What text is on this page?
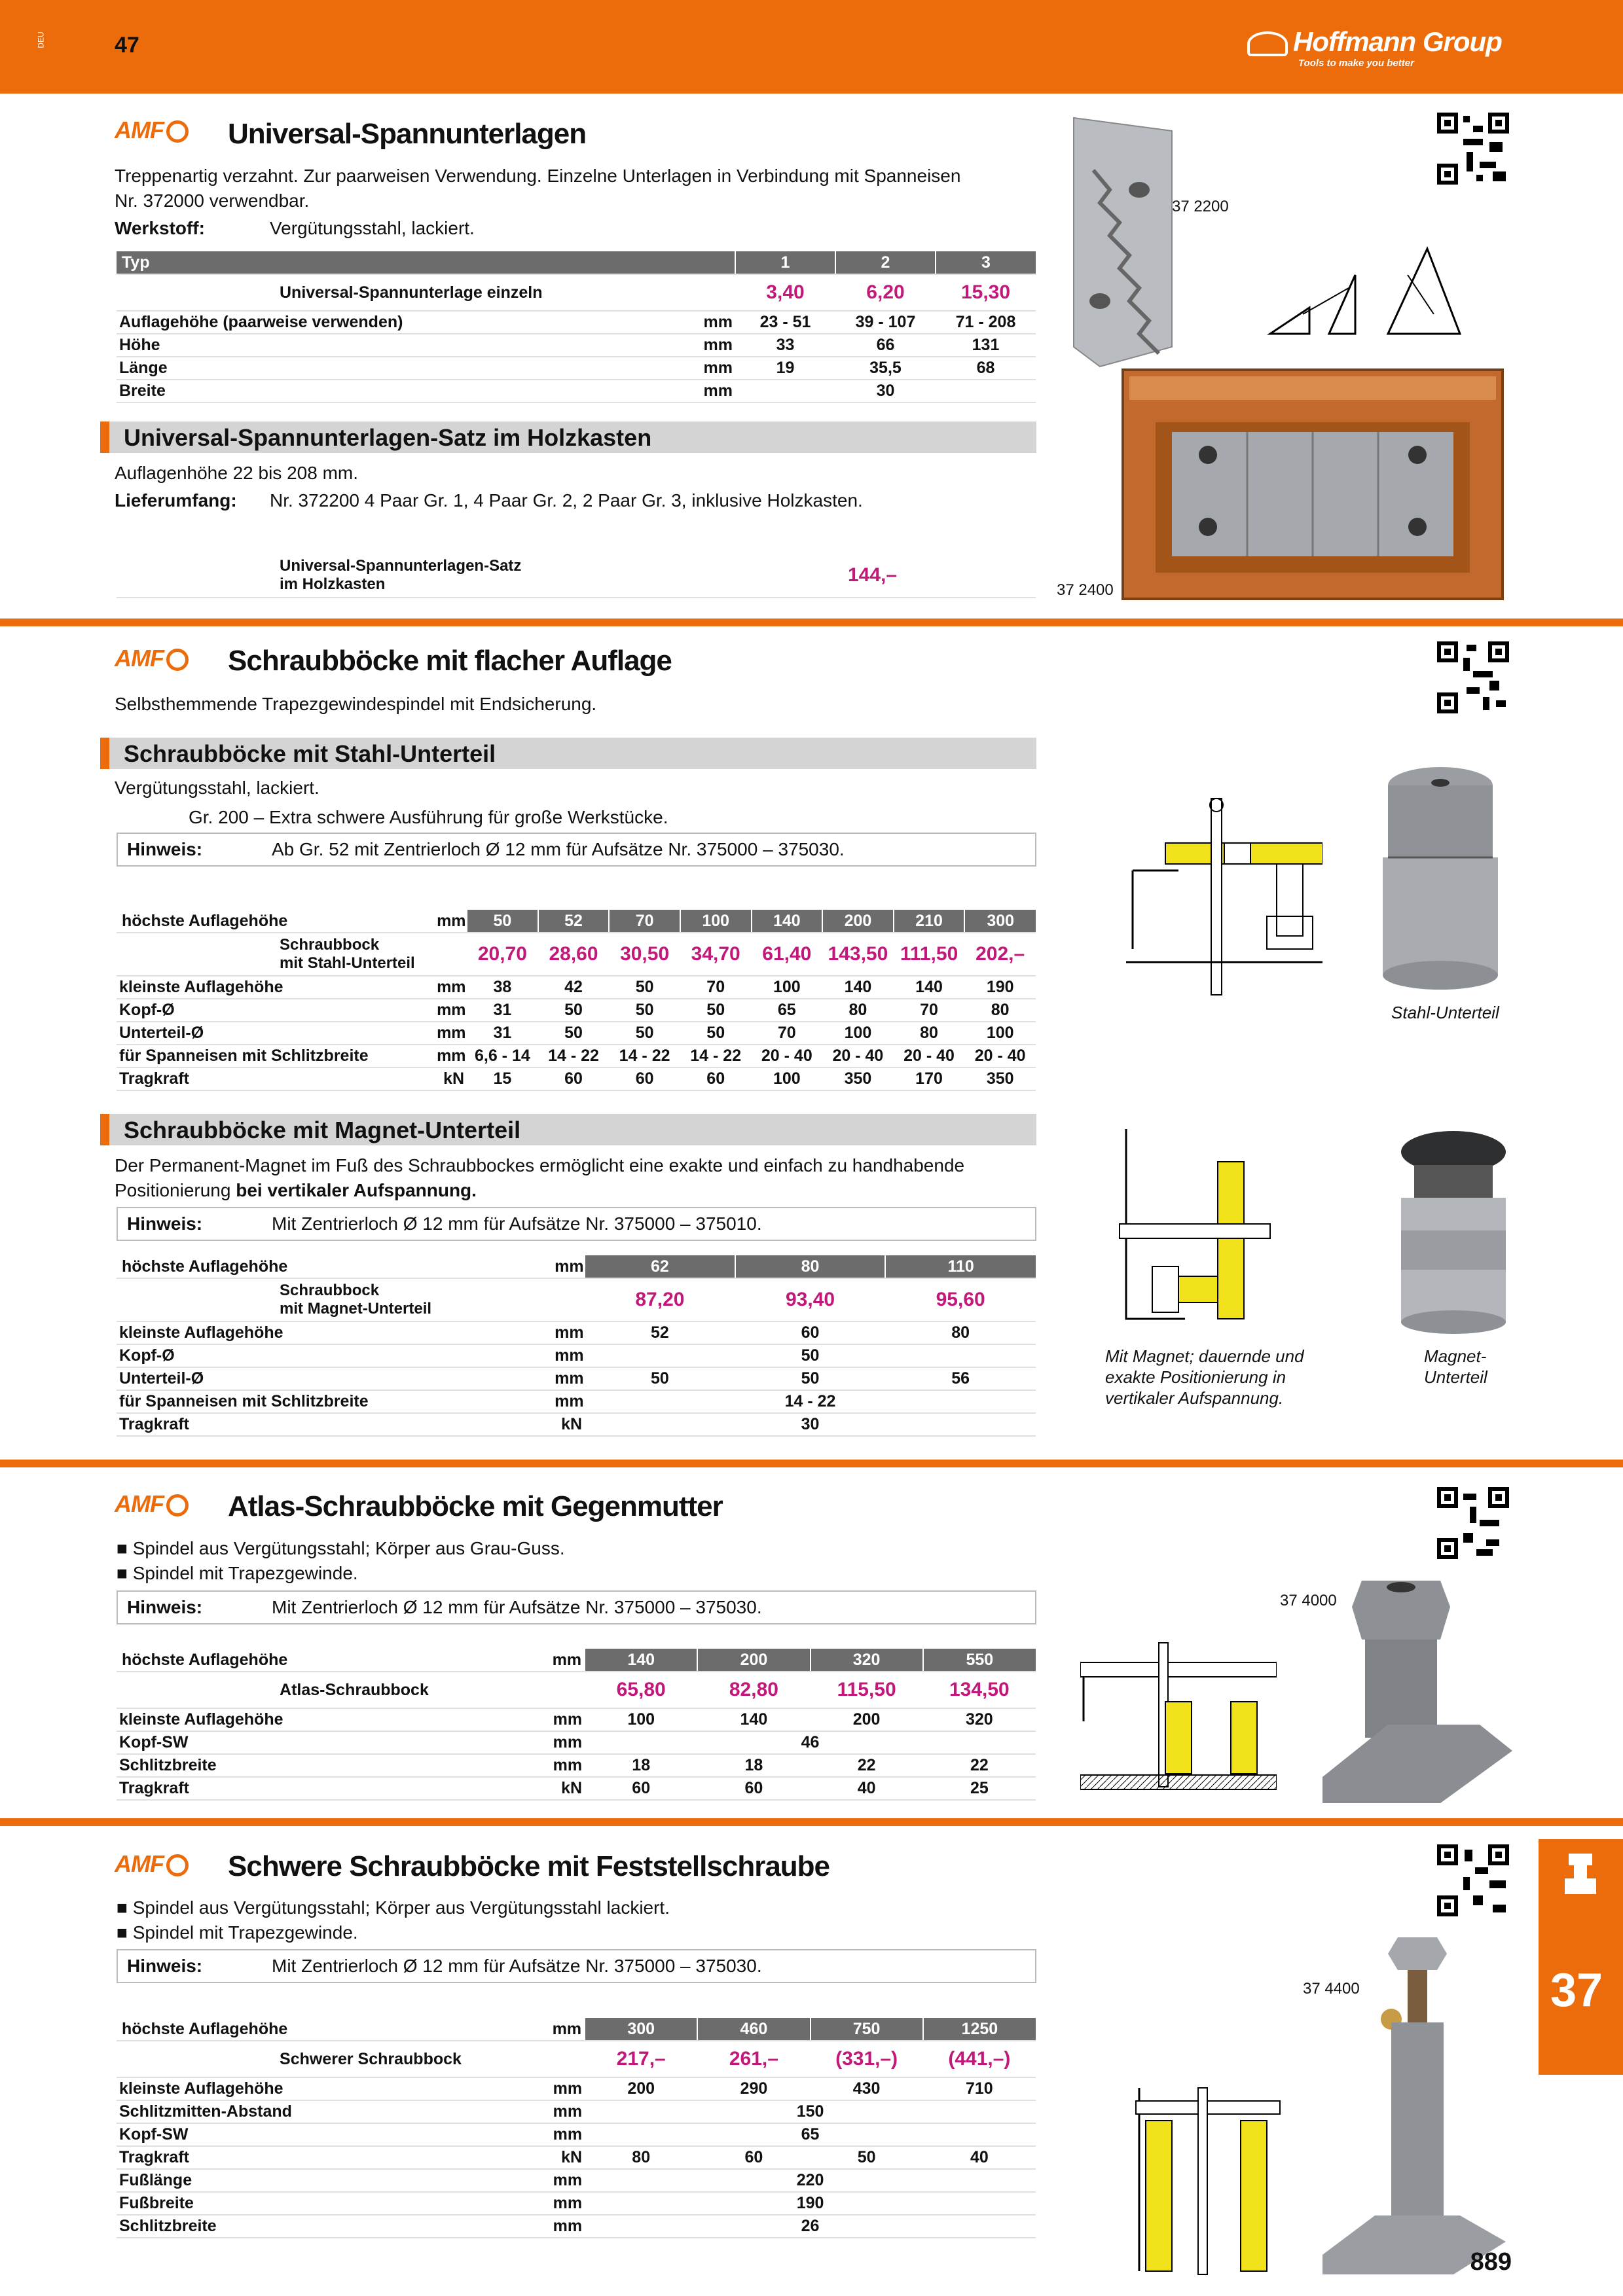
DEU	47	Hoffmann Group
Tools to make you better
AMF	Universal-Spannunterlagen
Treppenartig verzahnt. Zur paarweisen Verwendung. Einzelne Unterlagen in Verbindung mit Spanneisen
Nr. 372000 verwendbar.
Werkstoff:	Vergütungsstahl, lackiert.
Typ			1	2	3
35A 37 2200	Universal-Spannunterlage einzeln		3,40	6,20	15,30
Auflagehöhe (paarweise verwenden)		mm	23 - 51	39 - 107	71 - 208
Höhe		mm	33	66	131
Länge		mm	19	35,5	68
Breite		mm	30		
Universal-Spannunterlagen-Satz im Holzkasten
Auflagenhöhe 22 bis 208 mm.
Lieferumfang: Nr. 372200 4 Paar Gr. 1, 4 Paar Gr. 2, 2 Paar Gr. 3, inklusive Holzkasten.
35A 37 2400	Universal-Spannunterlagen-Satz
im Holzkasten	144,–
37 2200
37 2400
AMF	Schraubböcke mit flacher Auflage
Selbsthemmende Trapezgewindespindel mit Endsicherung.
Schraubböcke mit Stahl-Unterteil
Vergütungsstahl, lackiert.
Gr. 200 – Extra schwere Ausführung für große Werkstücke.
Hinweis:	Ab Gr. 52 mit Zentrierloch Ø 12 mm für Aufsätze Nr. 375000 – 375030.
höchste Auflagehöhe		mm	50	52	70	100	140	200	210	300
35A 37 3500	Schraubbock
mit Stahl-Unterteil		20,70	28,60	30,50	34,70	61,40	143,50	111,50	202,–
kleinste Auflagehöhe		mm	38	42	50	70	100	140	140	190
Kopf-Ø		mm	31	50	50	50	65	80	70	80
Unterteil-Ø		mm	31	50	50	50	70	100	80	100
für Spanneisen mit Schlitzbreite		mm	6,6 - 14	14 - 22	14 - 22	14 - 22	20 - 40	20 - 40	20 - 40	20 - 40
Tragkraft		kN	15	60	60	60	100	350	170	350
Schraubböcke mit Magnet-Unterteil
Der Permanent-Magnet im Fuß des Schraubbockes ermöglicht eine exakte und einfach zu handhabende
Positionierung bei vertikaler Aufspannung.
Hinweis:	Mit Zentrierloch Ø 12 mm für Aufsätze Nr. 375000 – 375010.
höchste Auflagehöhe		mm	62	80	110
35A 37 3550	Schraubbock
mit Magnet-Unterteil		87,20	93,40	95,60
kleinste Auflagehöhe		mm	52	60	80
Kopf-Ø		mm	50		
Unterteil-Ø		mm	50	50	56
für Spanneisen mit Schlitzbreite		mm	14 - 22		
Tragkraft		kN	30		
Stahl-Unterteil
Mit Magnet; dauernde und
exakte Positionierung in
vertikaler Aufspannung.
Magnet-
Unterteil
AMF	Atlas-Schraubböcke mit Gegenmutter
■ Spindel aus Vergütungsstahl; Körper aus Grau-Guss.
■ Spindel mit Trapezgewinde.
Hinweis:	Mit Zentrierloch Ø 12 mm für Aufsätze Nr. 375000 – 375030.
höchste Auflagehöhe		mm	140	200	320	550
35A 37 4000	Atlas-Schraubbock		65,80	82,80	115,50	134,50
kleinste Auflagehöhe		mm	100	140	200	320
Kopf-SW		mm	46			
Schlitzbreite		mm	18	18	22	22
Tragkraft		kN	60	60	40	25
37 4000
AMF	Schwere Schraubböcke mit Feststellschraube
■ Spindel aus Vergütungsstahl; Körper aus Vergütungsstahl lackiert.
■ Spindel mit Trapezgewinde.
Hinweis:	Mit Zentrierloch Ø 12 mm für Aufsätze Nr. 375000 – 375030.
höchste Auflagehöhe		mm	300	460	750	1250
35A 37 4400	Schwerer Schraubbock		217,–	261,–	(331,–)	(441,–)
kleinste Auflagehöhe		mm	200	290	430	710
Schlitzmitten-Abstand		mm	150			
Kopf-SW		mm	65			
Tragkraft		kN	80	60	50	40
Fußlänge		mm	220			
Fußbreite		mm	190			
Schlitzbreite		mm	26			
37 4400	37
889
